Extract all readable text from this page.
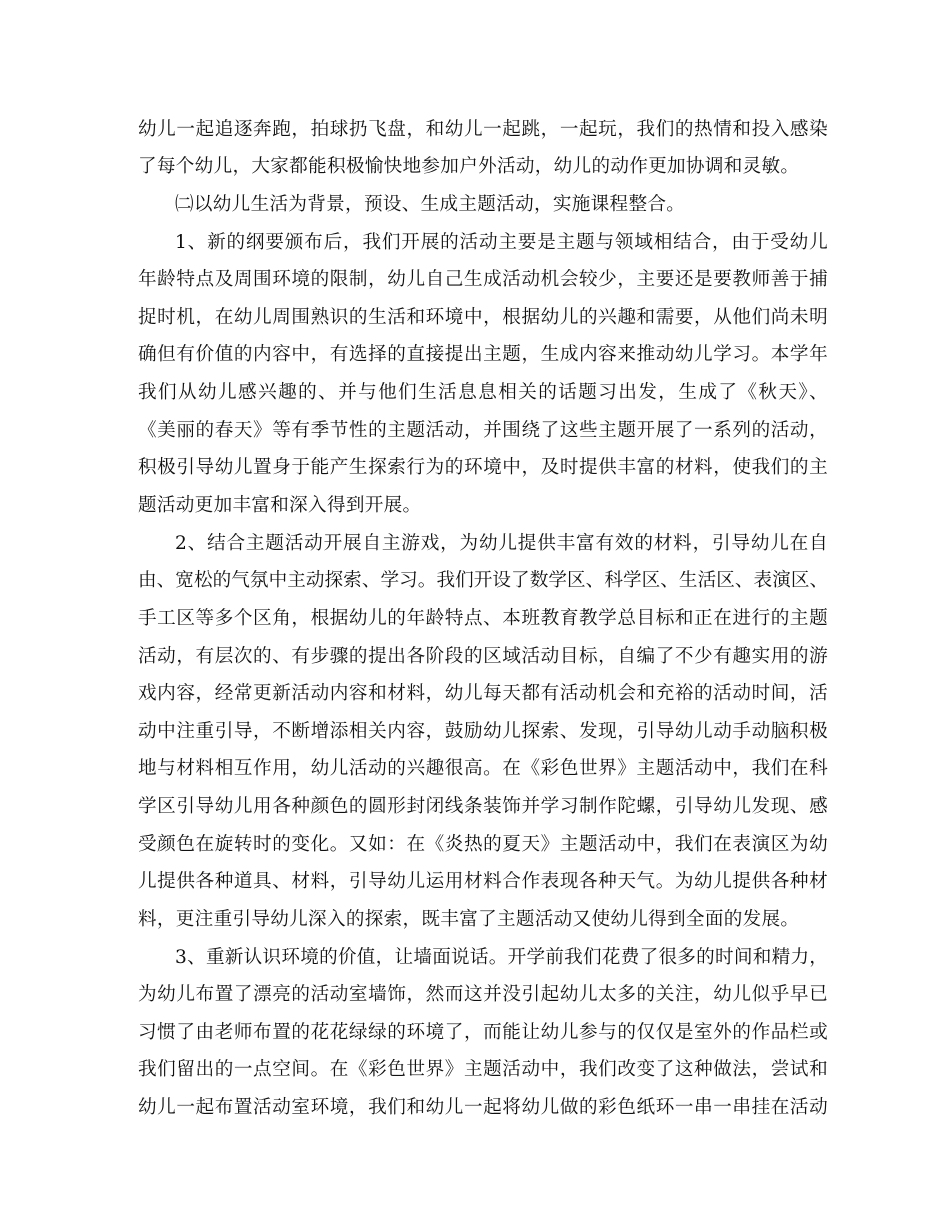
幼儿一起追逐奔跑，拍球扔飞盘，和幼儿一起跳，一起玩，我们的热情和投入感染
了每个幼儿，大家都能积极愉快地参加户外活动，幼儿的动作更加协调和灵敏。
㈡以幼儿生活为背景，预设、生成主题活动，实施课程整合。
1、新的纲要颁布后，我们开展的活动主要是主题与领域相结合，由于受幼儿
年龄特点及周围环境的限制，幼儿自己生成活动机会较少，主要还是要教师善于捕
捉时机，在幼儿周围熟识的生活和环境中，根据幼儿的兴趣和需要，从他们尚未明
确但有价值的内容中，有选择的直接提出主题，生成内容来推动幼儿学习。本学年
我们从幼儿感兴趣的、并与他们生活息息相关的话题习出发，生成了《秋天》、
《美丽的春天》等有季节性的主题活动，并围绕了这些主题开展了一系列的活动，
积极引导幼儿置身于能产生探索行为的环境中，及时提供丰富的材料，使我们的主
题活动更加丰富和深入得到开展。
2、结合主题活动开展自主游戏，为幼儿提供丰富有效的材料，引导幼儿在自
由、宽松的气氛中主动探索、学习。我们开设了数学区、科学区、生活区、表演区、
手工区等多个区角，根据幼儿的年龄特点、本班教育教学总目标和正在进行的主题
活动，有层次的、有步骤的提出各阶段的区域活动目标，自编了不少有趣实用的游
戏内容，经常更新活动内容和材料，幼儿每天都有活动机会和充裕的活动时间，活
动中注重引导，不断增添相关内容，鼓励幼儿探索、发现，引导幼儿动手动脑积极
地与材料相互作用，幼儿活动的兴趣很高。在《彩色世界》主题活动中，我们在科
学区引导幼儿用各种颜色的圆形封闭线条装饰并学习制作陀螺，引导幼儿发现、感
受颜色在旋转时的变化。又如：在《炎热的夏天》主题活动中，我们在表演区为幼
儿提供各种道具、材料，引导幼儿运用材料合作表现各种天气。为幼儿提供各种材
料，更注重引导幼儿深入的探索，既丰富了主题活动又使幼儿得到全面的发展。
3、重新认识环境的价值，让墙面说话。开学前我们花费了很多的时间和精力，
为幼儿布置了漂亮的活动室墙饰，然而这并没引起幼儿太多的关注，幼儿似乎早已
习惯了由老师布置的花花绿绿的环境了，而能让幼儿参与的仅仅是室外的作品栏或
我们留出的一点空间。在《彩色世界》主题活动中，我们改变了这种做法，尝试和
幼儿一起布置活动室环境，我们和幼儿一起将幼儿做的彩色纸环一串一串挂在活动
